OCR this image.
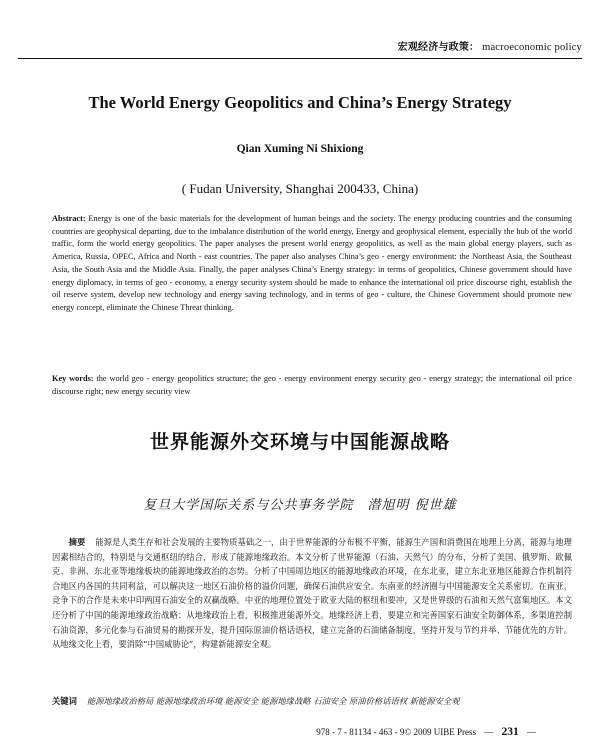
宏观经济与政策： macroeconomic policy
The World Energy Geopolitics and China’s Energy Strategy
Qian Xuming Ni Shixiong
( Fudan University, Shanghai 200433, China)
Abstract: Energy is one of the basic materials for the development of human beings and the society. The energy producing countries and the consuming countries are geophysical departing, due to the imbalance distribution of the world energy, Energy and geophysical element, especially the hub of the world traffic, form the world energy geopolitics. The paper analyses the present world energy geopolitics, as well as the main global energy players, such as America, Russia, OPEC, Africa and North - east countries. The paper also analyses China’s geo - energy environment: the Northeast Asia, the Southeast Asia, the South Asia and the Middle Asia. Finally, the paper analyses China’s Energy strategy: in terms of geopolitics, Chinese government should have energy diplomacy, in terms of geo - economy, a energy security system should be made to enhance the international oil price discourse right, establish the oil reserve system, develop new technology and energy saving technology, and in terms of geo - culture, the Chinese Government should promote new energy concept, eliminate the Chinese Threat thinking.
Key words: the world geo - energy geopolitics structure; the geo - energy environment energy security geo - energy strategy; the international oil price discourse right; new energy security view
世界能源外交环境与中国能源战略
复旦大学国际关系与公共事务学院 潜旭明 倪世雄
摘要 能源是人类生存和社会发展的主要物质基础之一，由于世界能源的分布极不平衡，能源生产国和消费国在地理上分离，能源与地理因素相结合的，特别是与交通枢纽的结合，形成了能源地缘政治。本文分析了世界能源（石油、天然气）的分布，分析了美国、俄罗斯、欧佩克、非洲、东北亚等地缘板块的能源地缘政治的态势。分析了中国周边地区的能源地缘政治环境，在东北亚，建立东北亚地区能源合作机制符合地区内各国的共同利益，可以解决这一地区石油价格的溢价问题，确保石油供应安全。东南亚的经济圈与中国能源安全关系密切。在南亚，竞争下的合作是未来中印两国石油安全的双赢战略。中亚的地理位置处于欧亚大陆的枢纽和要冲，又是世界级的石油和天然气富集地区。本文还分析了中国的能源地缘政治战略：从地缘政治上看，积极推进能源外交。地缘经济上看，要建立和完善国家石油安全防御体系，多渠道控制石油资源，多元化参与石油贸易的勘探开发，提升国际原油价格话语权，建立完备的石油储备制度，坚持开发与节约并举、节能优先的方针。从地缘文化上看，要消除“中国威胁论”，构建新能源安全观。
关键词 能源地缘政治格局 能源地缘政治环境 能源安全 能源地缘战略 石油安全 原油价格话语权 新能源安全观
978 - 7 - 81134 - 463 - 9© 2009 UIBE Press — 231 —
